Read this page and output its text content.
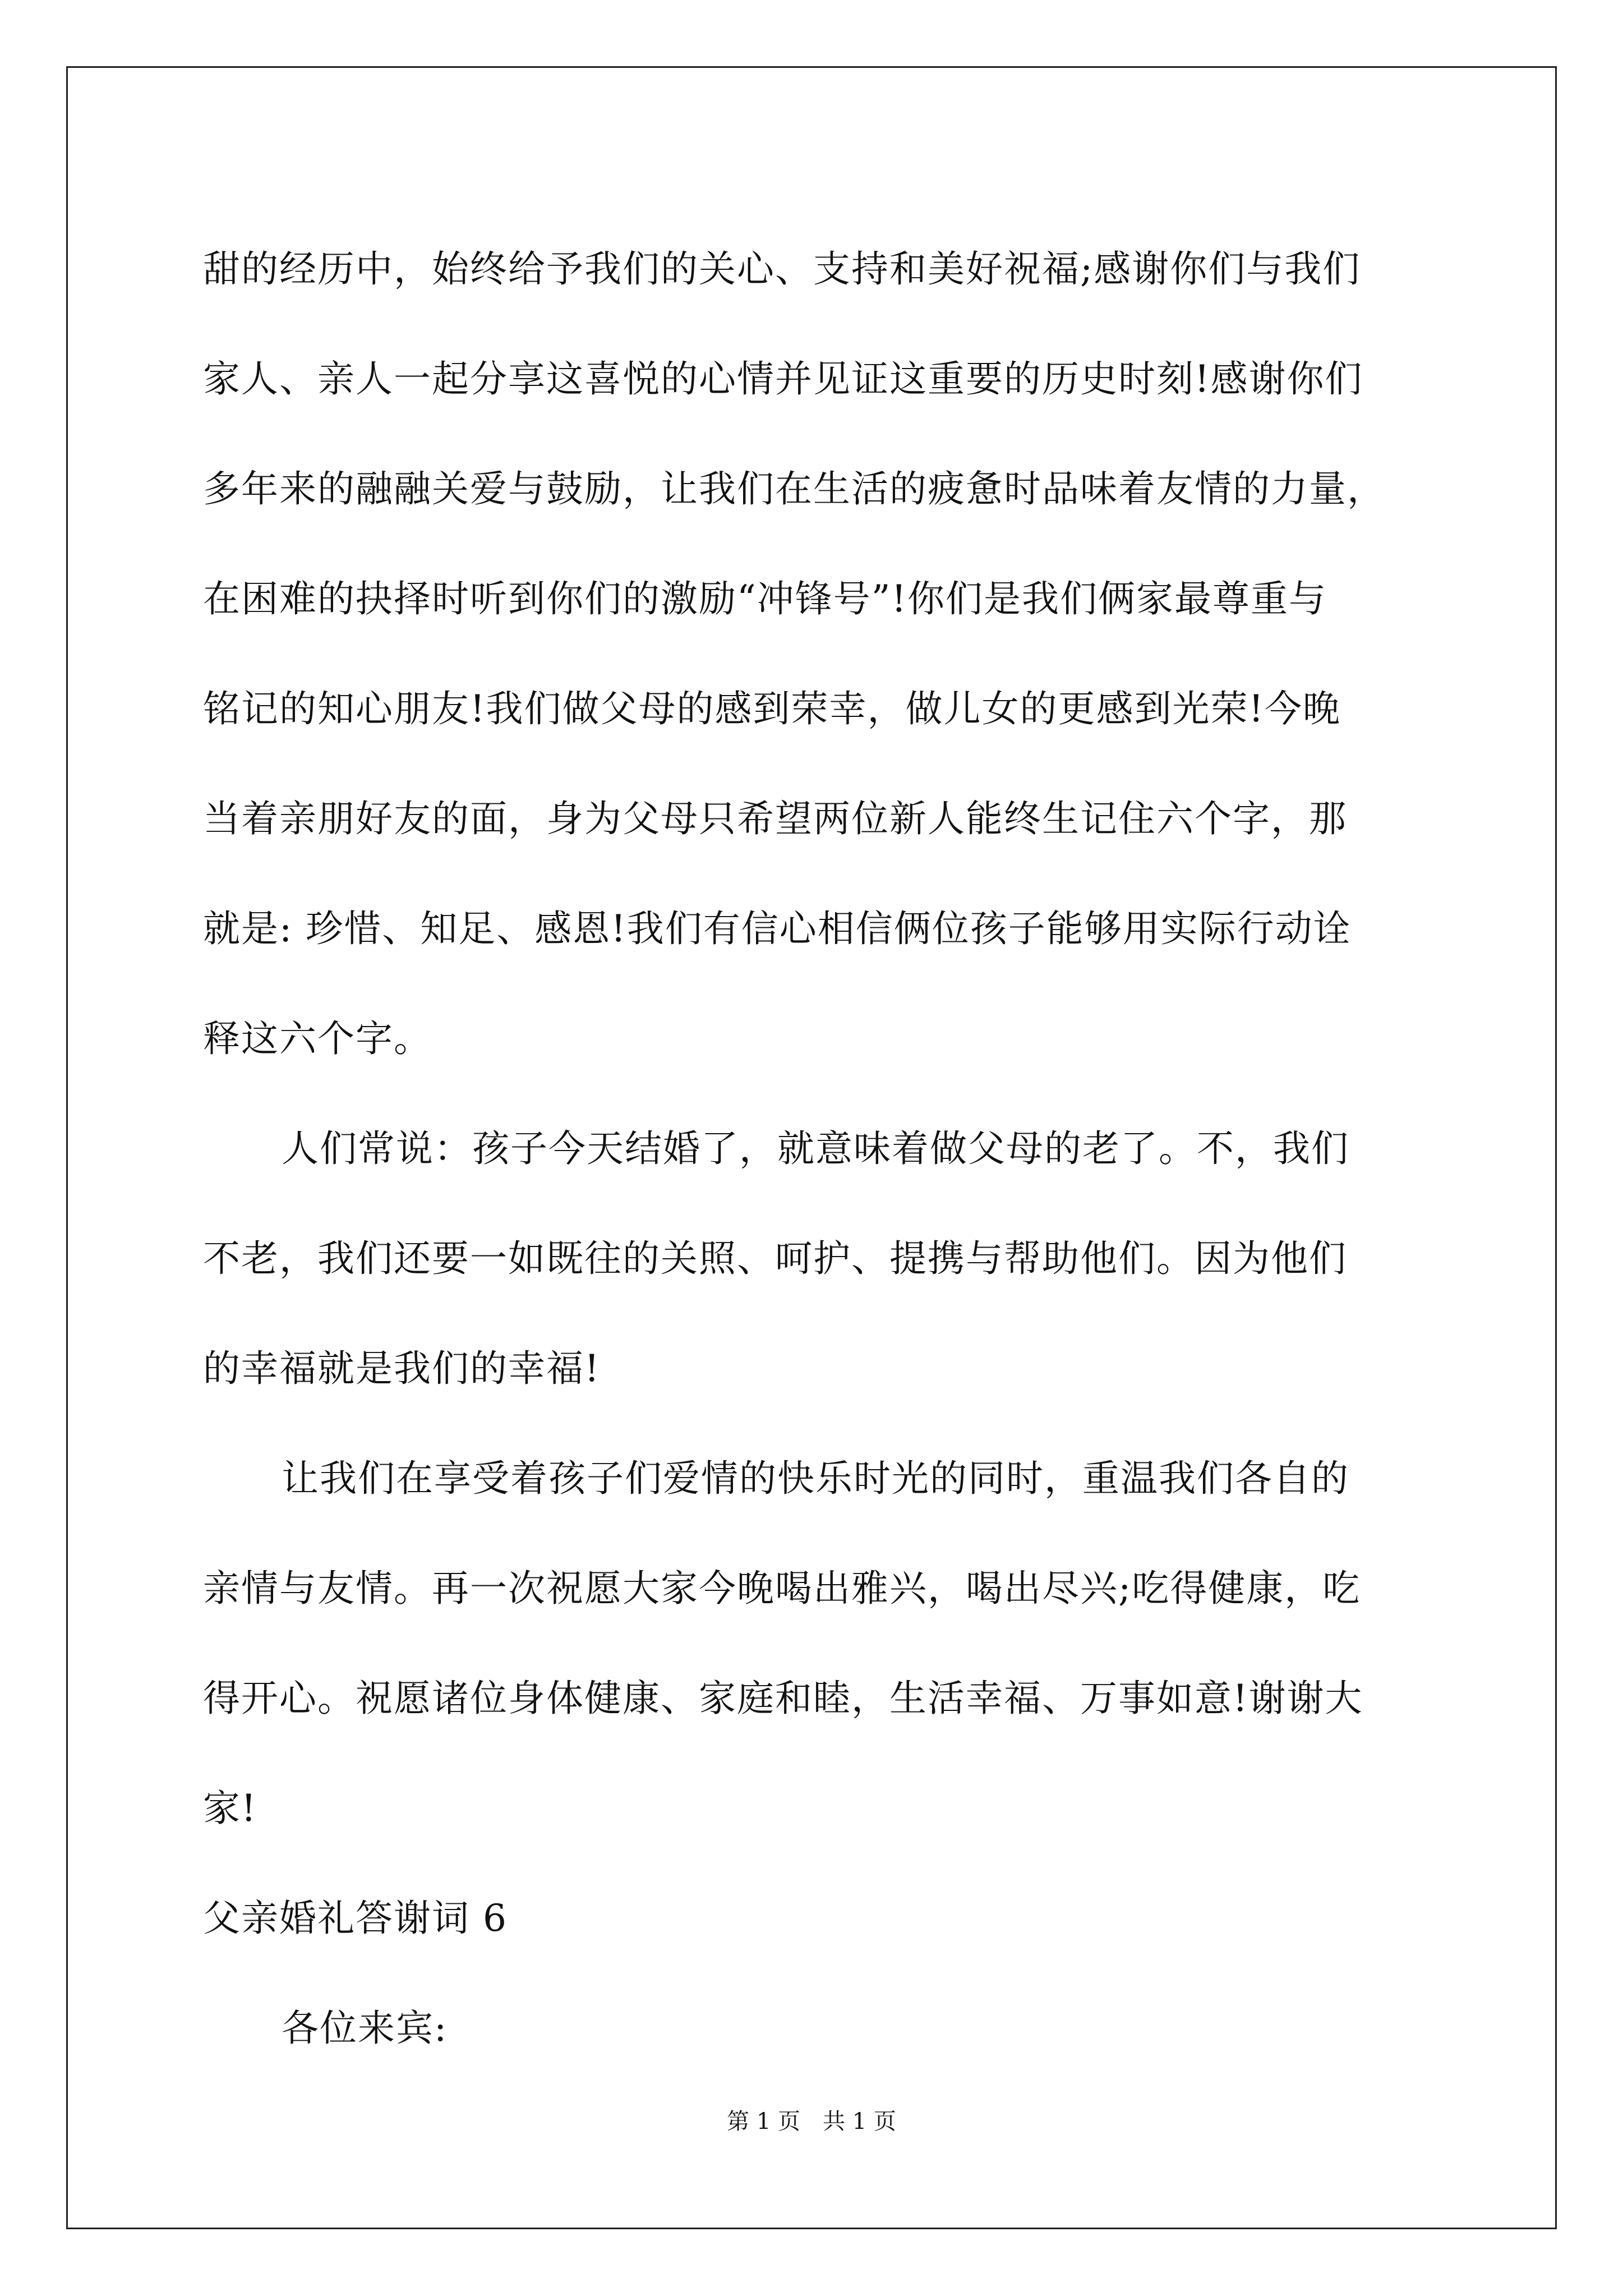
甜的经历中，始终给予我们的关心、支持和美好祝福;感谢你们与我们
家人、亲人一起分享这喜悦的心情并见证这重要的历史时刻!感谢你们
多年来的融融关爱与鼓励，让我们在生活的疲惫时品味着友情的力量，
在困难的抉择时听到你们的激励“冲锋号”!你们是我们俩家最尊重与
铭记的知心朋友!我们做父母的感到荣幸，做儿女的更感到光荣!今晚
当着亲朋好友的面，身为父母只希望两位新人能终生记住六个字，那
就是: 珍惜、知足、感恩!我们有信心相信俩位孩子能够用实际行动诠
释这六个字。
人们常说：孩子今天结婚了，就意味着做父母的老了。不，我们
不老，我们还要一如既往的关照、呵护、提携与帮助他们。因为他们
的幸福就是我们的幸福!
让我们在享受着孩子们爱情的快乐时光的同时，重温我们各自的
亲情与友情。再一次祝愿大家今晚喝出雅兴，喝出尽兴;吃得健康，吃
得开心。祝愿诸位身体健康、家庭和睦，生活幸福、万事如意!谢谢大
家!
父亲婚礼答谢词 6
各位来宾:
第 1 页　共 1 页
